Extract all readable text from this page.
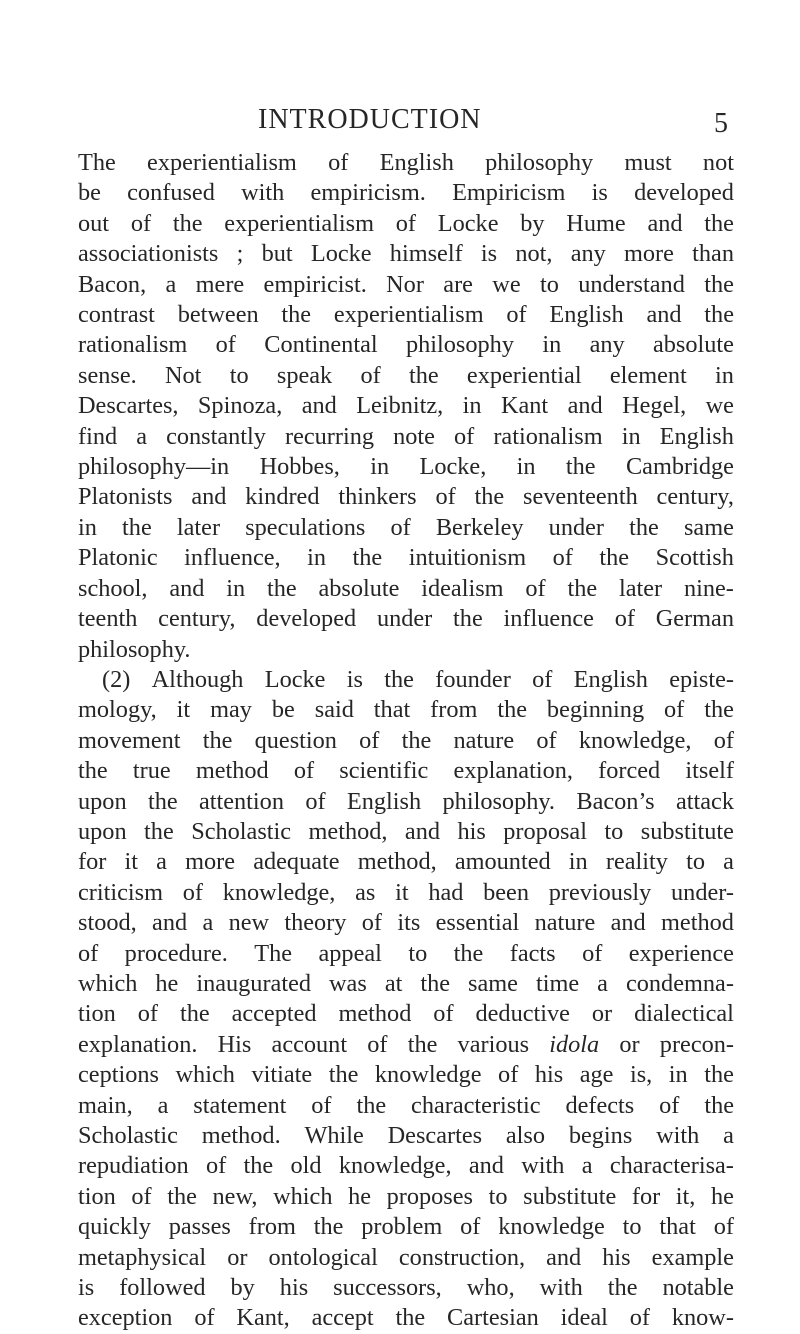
INTRODUCTION	5
The experientialism of English philosophy must not
be confused with empiricism. Empiricism is developed
out of the experientialism of Locke by Hume and the
associationists ; but Locke himself is not, any more than
Bacon, a mere empiricist. Nor are we to understand the
contrast between the experientialism of English and the
rationalism of Continental philosophy in any absolute
sense. Not to speak of the experiential element in
Descartes, Spinoza, and Leibnitz, in Kant and Hegel, we
find a constantly recurring note of rationalism in English
philosophy—in Hobbes, in Locke, in the Cambridge
Platonists and kindred thinkers of the seventeenth century,
in the later speculations of Berkeley under the same
Platonic influence, in the intuitionism of the Scottish
school, and in the absolute idealism of the later nine-
teenth century, developed under the influence of German
philosophy.
(2) Although Locke is the founder of English episte-
mology, it may be said that from the beginning of the
movement the question of the nature of knowledge, of
the true method of scientific explanation, forced itself
upon the attention of English philosophy. Bacon’s attack
upon the Scholastic method, and his proposal to substitute
for it a more adequate method, amounted in reality to a
criticism of knowledge, as it had been previously under-
stood, and a new theory of its essential nature and method
of procedure. The appeal to the facts of experience
which he inaugurated was at the same time a condemna-
tion of the accepted method of deductive or dialectical
explanation. His account of the various idola or precon-
ceptions which vitiate the knowledge of his age is, in the
main, a statement of the characteristic defects of the
Scholastic method. While Descartes also begins with a
repudiation of the old knowledge, and with a characterisa-
tion of the new, which he proposes to substitute for it, he
quickly passes from the problem of knowledge to that of
metaphysical or ontological construction, and his example
is followed by his successors, who, with the notable
exception of Kant, accept the Cartesian ideal of know-
